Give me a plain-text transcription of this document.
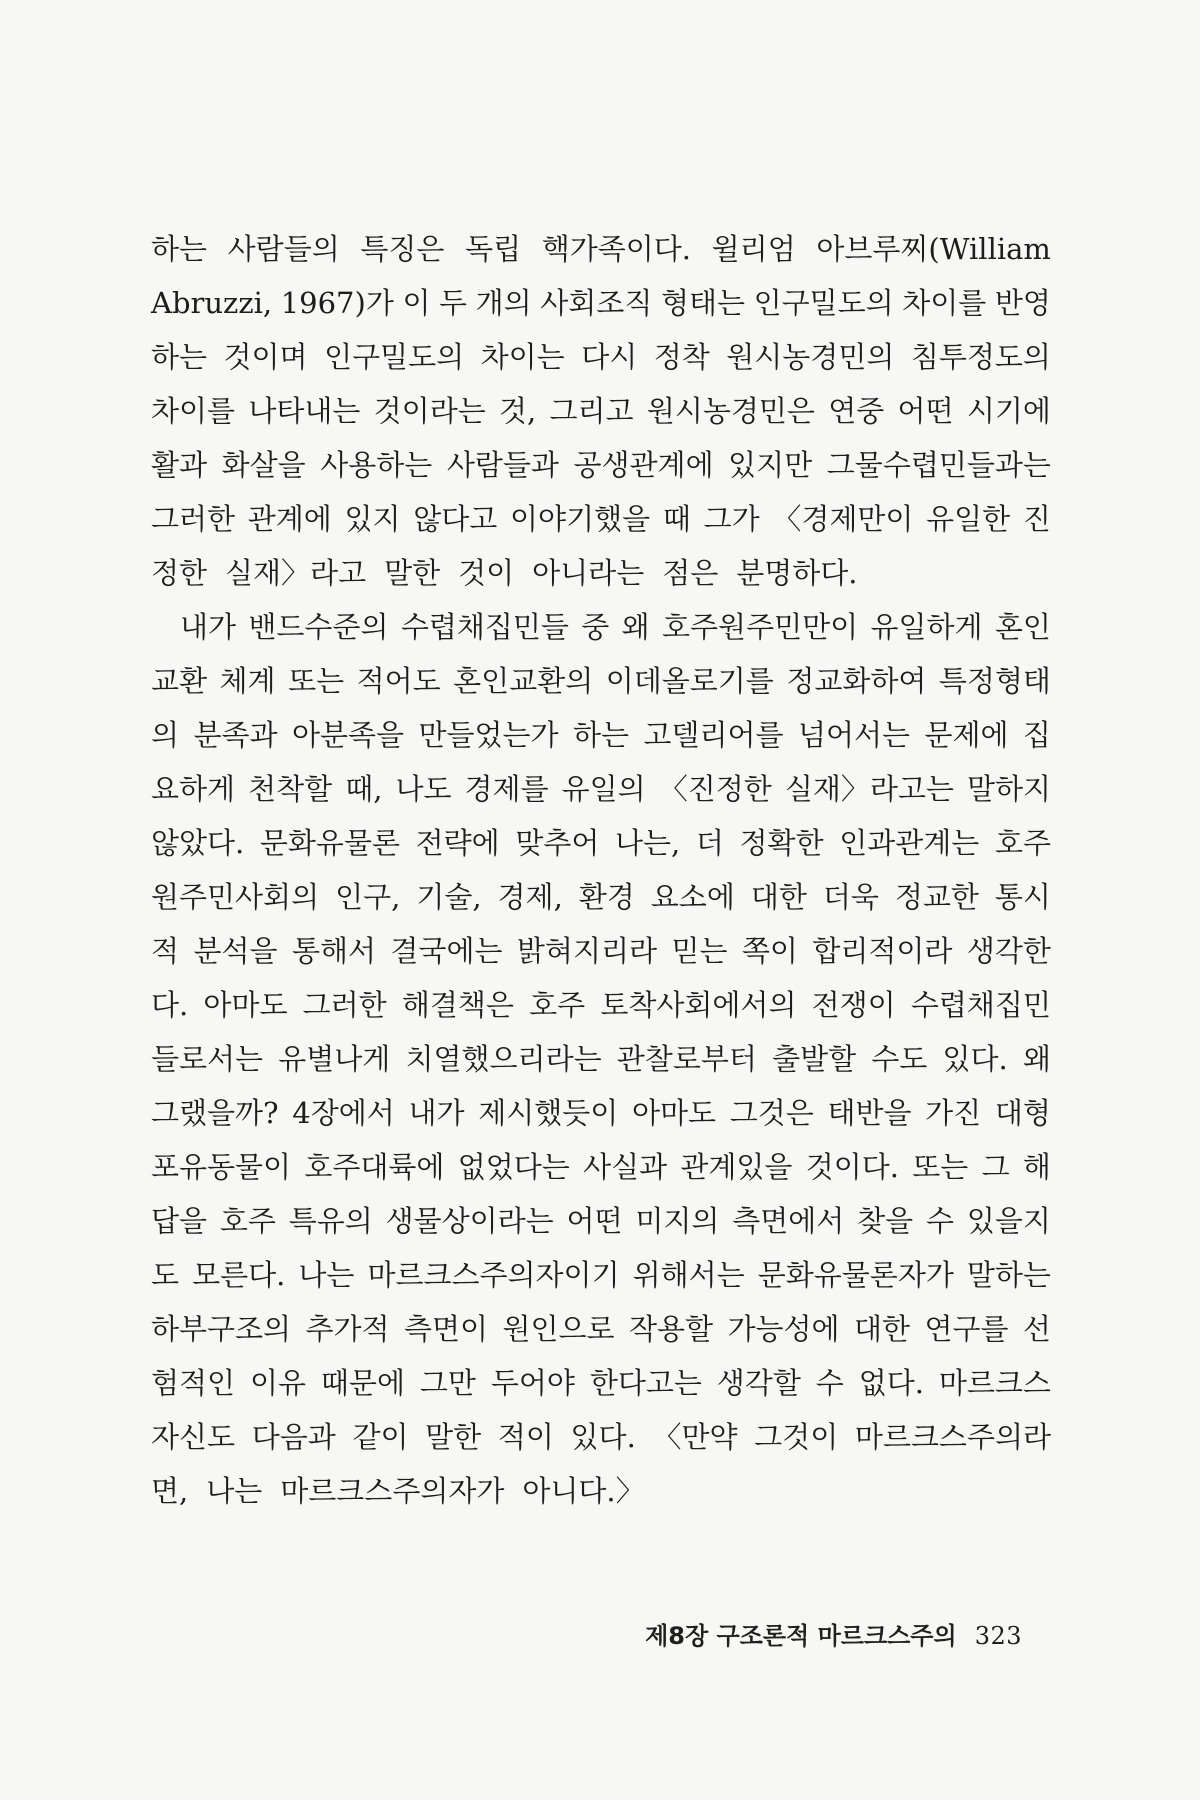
하는 사람들의 특징은 독립 핵가족이다. 윌리엄 아브루찌(William
Abruzzi, 1967)가 이 두 개의 사회조직 형태는 인구밀도의 차이를 반영
하는 것이며 인구밀도의 차이는 다시 정착 원시농경민의 침투정도의
차이를 나타내는 것이라는 것, 그리고 원시농경민은 연중 어떤 시기에
활과 화살을 사용하는 사람들과 공생관계에 있지만 그물수렵민들과는
그러한 관계에 있지 않다고 이야기했을 때 그가 〈경제만이 유일한 진
정한 실재〉라고 말한 것이 아니라는 점은 분명하다.
　내가 밴드수준의 수렵채집민들 중 왜 호주원주민만이 유일하게 혼인
교환 체계 또는 적어도 혼인교환의 이데올로기를 정교화하여 특정형태
의 분족과 아분족을 만들었는가 하는 고델리어를 넘어서는 문제에 집
요하게 천착할 때, 나도 경제를 유일의 〈진정한 실재〉라고는 말하지
않았다. 문화유물론 전략에 맞추어 나는, 더 정확한 인과관계는 호주
원주민사회의 인구, 기술, 경제, 환경 요소에 대한 더욱 정교한 통시
적 분석을 통해서 결국에는 밝혀지리라 믿는 쪽이 합리적이라 생각한
다. 아마도 그러한 해결책은 호주 토착사회에서의 전쟁이 수렵채집민
들로서는 유별나게 치열했으리라는 관찰로부터 출발할 수도 있다. 왜
그랬을까? 4장에서 내가 제시했듯이 아마도 그것은 태반을 가진 대형
포유동물이 호주대륙에 없었다는 사실과 관계있을 것이다. 또는 그 해
답을 호주 특유의 생물상이라는 어떤 미지의 측면에서 찾을 수 있을지
도 모른다. 나는 마르크스주의자이기 위해서는 문화유물론자가 말하는
하부구조의 추가적 측면이 원인으로 작용할 가능성에 대한 연구를 선
험적인 이유 때문에 그만 두어야 한다고는 생각할 수 없다. 마르크스
자신도 다음과 같이 말한 적이 있다. 〈만약 그것이 마르크스주의라
면, 나는 마르크스주의자가 아니다.〉
제8장 구조론적 마르크스주의 323
